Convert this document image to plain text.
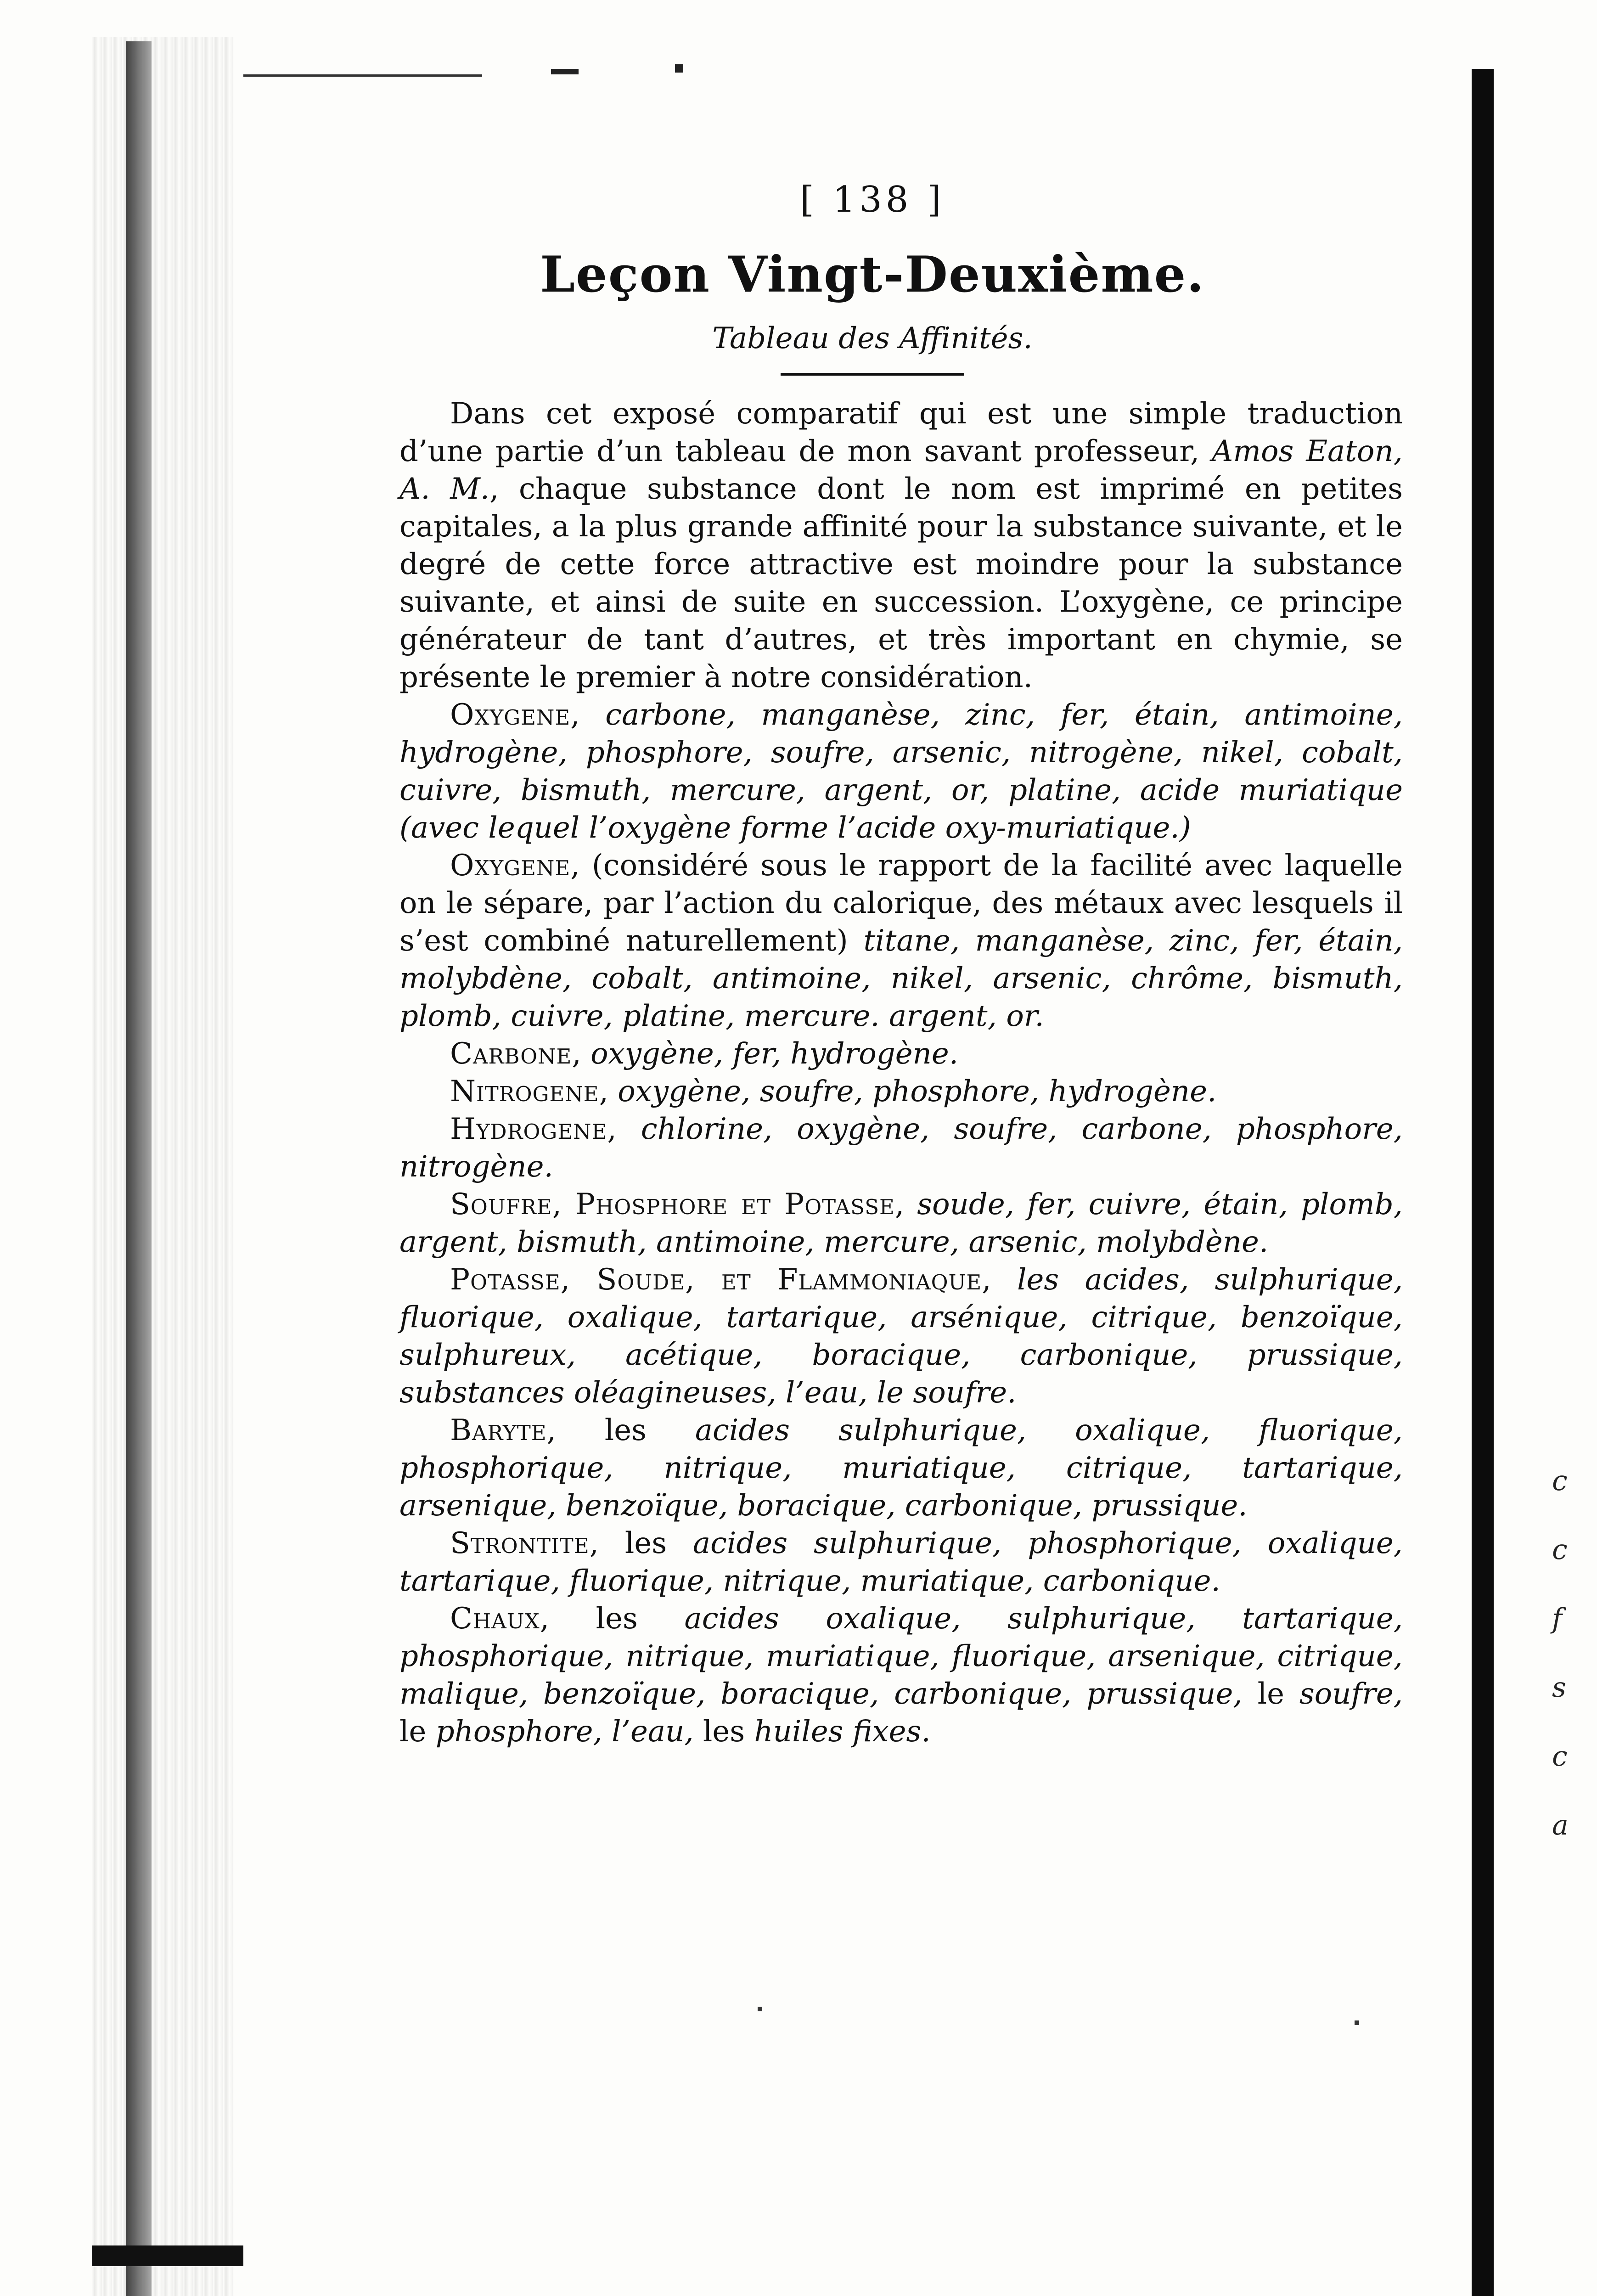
c
c
f
s
c
a
[ 138 ]
Leçon Vingt-Deuxième.
Tableau des Affinités.

Dans cet exposé comparatif qui est une simple traduction d’une partie d’un tableau de mon savant professeur, Amos Eaton, A. M., chaque substance dont le nom est imprimé en petites capitales, a la plus grande affinité pour la substance suivante, et le degré de cette force attractive est moindre pour la substance suivante, et ainsi de suite en succession. L’oxygène, ce principe générateur de tant d’autres, et très important en chymie, se présente le premier à notre considération.

Oxygene, carbone, manganèse, zinc, fer, étain, antimoine, hydrogène, phosphore, soufre, arsenic, nitrogène, nikel, cobalt, cuivre, bismuth, mercure, argent, or, platine, acide muriatique (avec lequel l’oxygène forme l’acide oxy-muriatique.)

Oxygene, (considéré sous le rapport de la facilité avec laquelle on le sépare, par l’action du calorique, des métaux avec lesquels il s’est combiné naturellement) titane, manganèse, zinc, fer, étain, molybdène, cobalt, antimoine, nikel, arsenic, chrôme, bismuth, plomb, cuivre, platine, mercure. argent, or.

Carbone, oxygène, fer, hydrogène.

Nitrogene, oxygène, soufre, phosphore, hydrogène.

Hydrogene, chlorine, oxygène, soufre, carbone, phosphore, nitrogène.

Soufre, Phosphore et Potasse, soude, fer, cuivre, étain, plomb, argent, bismuth, antimoine, mercure, arsenic, molybdène.

Potasse, Soude, et Flammoniaque, les acides, sulphurique, fluorique, oxalique, tartarique, arsénique, citrique, benzoïque, sulphureux, acétique, boracique, carbonique, prussique, substances oléagineuses, l’eau, le soufre.

Baryte, les acides sulphurique, oxalique, fluorique, phosphorique, nitrique, muriatique, citrique, tartarique, arsenique, benzoïque, boracique, carbonique, prussique.

Strontite, les acides sulphurique, phosphorique, oxalique, tartarique, fluorique, nitrique, muriatique, carbonique.

Chaux, les acides oxalique, sulphurique, tartarique, phosphorique, nitrique, muriatique, fluorique, arsenique, citrique, malique, benzoïque, boracique, carbonique, prussique, le soufre, le phosphore, l’eau, les huiles fixes.
